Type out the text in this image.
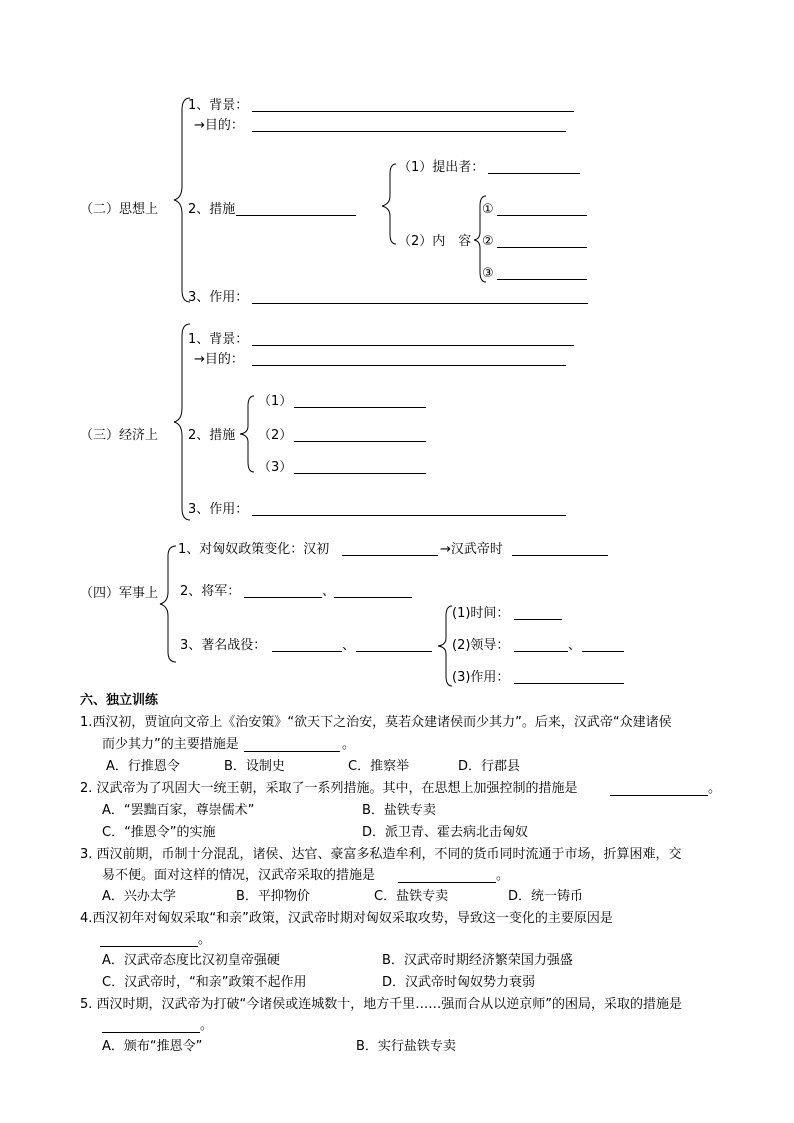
（二）思想上
1、背景：
→目的：
2、措施
（1）提出者：
（2）内　容
①
②
③
3、作用：
（三）经济上
1、背景：
→目的：
2、措施
（1）
（2）
（3）
3、作用：
（四）军事上
1、对匈奴政策变化：汉初	→汉武帝时
2、将军：	、
3、著名战役：	、
(1)时间：
(2)领导：	、
(3)作用：
六、独立训练
1.西汉初，贾谊向文帝上《治安策》“欲天下之治安，莫若众建诸侯而少其力”。后来，汉武帝“众建诸侯
而少其力”的主要措施是	。
A．行推恩令	B．设制史	C．推察举	D．行郡县
2. 汉武帝为了巩固大一统王朝，采取了一系列措施。其中，在思想上加强控制的措施是	。
A．“罢黜百家，尊崇儒术”	B．盐铁专卖
C．“推恩令”的实施	D．派卫青、霍去病北击匈奴
3. 西汉前期，币制十分混乱，诸侯、达官、豪富多私造牟利，不同的货币同时流通于市场，折算困难，交
易不便。面对这样的情况，汉武帝采取的措施是	。
A．兴办太学	B．平抑物价	C．盐铁专卖	D．统一铸币
4.西汉初年对匈奴采取“和亲”政策，汉武帝时期对匈奴采取攻势，导致这一变化的主要原因是
。
A．汉武帝态度比汉初皇帝强硬	B．汉武帝时期经济繁荣国力强盛
C．汉武帝时，“和亲”政策不起作用	D．汉武帝时匈奴势力衰弱
5. 西汉时期，汉武帝为打破“今诸侯或连城数十，地方千里……强而合从以逆京师”的困局，采取的措施是
。
A．颁布“推恩令”	B．实行盐铁专卖
